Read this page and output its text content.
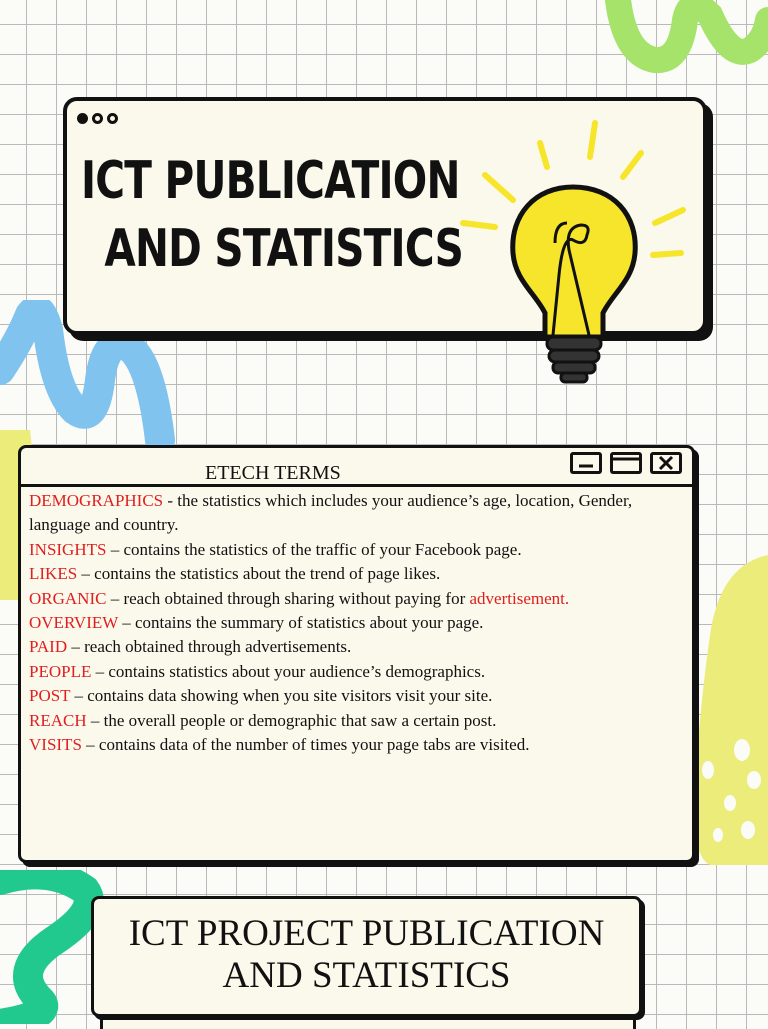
ICT PUBLICATION
AND STATISTICS
ETECH TERMS
DEMOGRAPHICS - the statistics which includes your audience’s age, location, Gender, language and country.
INSIGHTS – contains the statistics of the traffic of your Facebook page.
LIKES – contains the statistics about the trend of page likes.
ORGANIC – reach obtained through sharing without paying for advertisement.
OVERVIEW – contains the summary of statistics about your page.
PAID – reach obtained through advertisements.
PEOPLE – contains statistics about your audience’s demographics.
POST – contains data showing when you site visitors visit your site.
REACH – the overall people or demographic that saw a certain post.
VISITS – contains data of the number of times your page tabs are visited.
ICT PROJECT PUBLICATION
AND STATISTICS
